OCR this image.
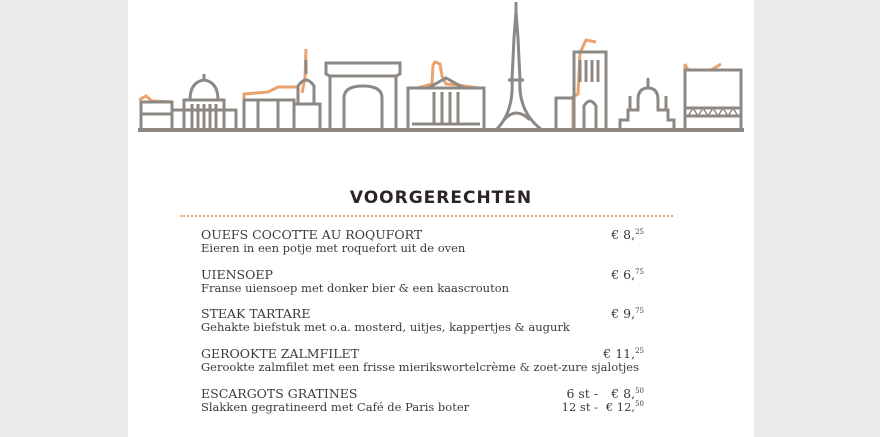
VOORGERECHTEN
OUEFS COCOTTE AU ROQUFORT
Eieren in een potje met roquefort uit de oven
€ 8,25
UIENSOEP
Franse uiensoep met donker bier & een kaascrouton
€ 6,75
STEAK TARTARE
Gehakte biefstuk met o.a. mosterd, uitjes, kappertjes & augurk
€ 9,75
GEROOKTE ZALMFILET
Gerookte zalmfilet met een frisse mierikswortelcrème & zoet-zure sjalotjes
€ 11,25
ESCARGOTS GRATINES
Slakken gegratineerd met Café de Paris boter
6 st - € 8,50
12 st - € 12,50
